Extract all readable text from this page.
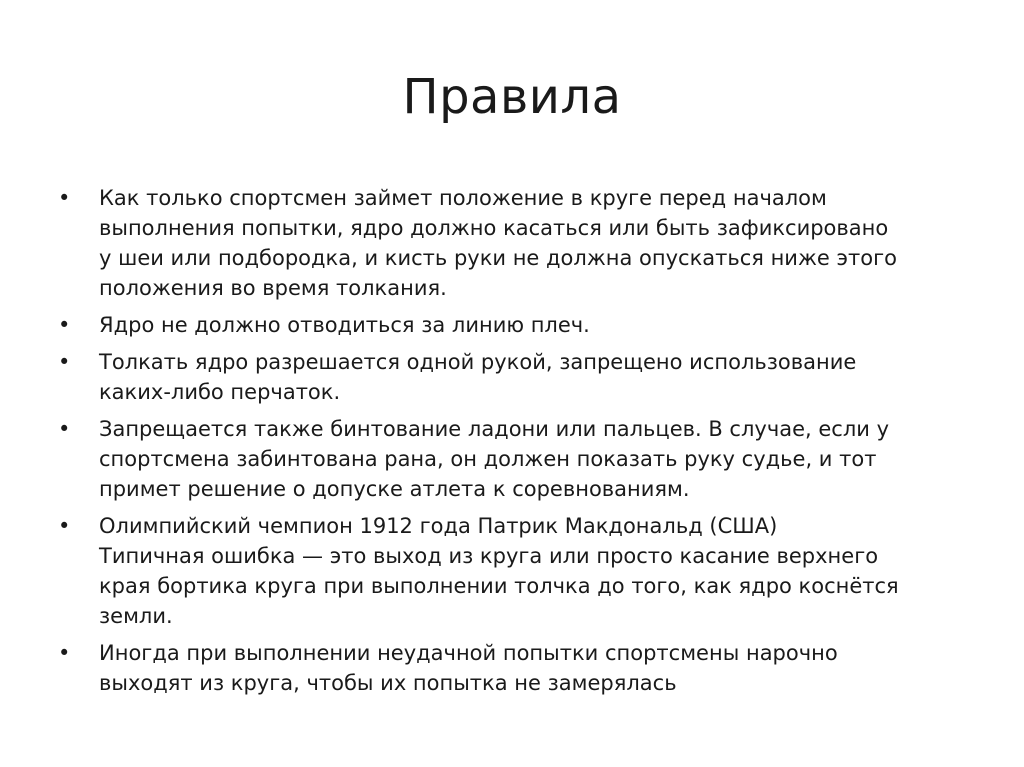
Правила
•	Как только спортсмен займет положение в круге перед началом
выполнения попытки, ядро должно касаться или быть зафиксировано
у шеи или подбородка, и кисть руки не должна опускаться ниже этого
положения во время толкания.
•	Ядро не должно отводиться за линию плеч.
•	Толкать ядро разрешается одной рукой, запрещено использование
каких-либо перчаток.
•	Запрещается также бинтование ладони или пальцев. В случае, если у
спортсмена забинтована рана, он должен показать руку судье, и тот
примет решение о допуске атлета к соревнованиям.
•	Олимпийский чемпион 1912 года Патрик Макдональд (США)
Типичная ошибка — это выход из круга или просто касание верхнего
края бортика круга при выполнении толчка до того, как ядро коснётся
земли.
•	Иногда при выполнении неудачной попытки спортсмены нарочно
выходят из круга, чтобы их попытка не замерялась
